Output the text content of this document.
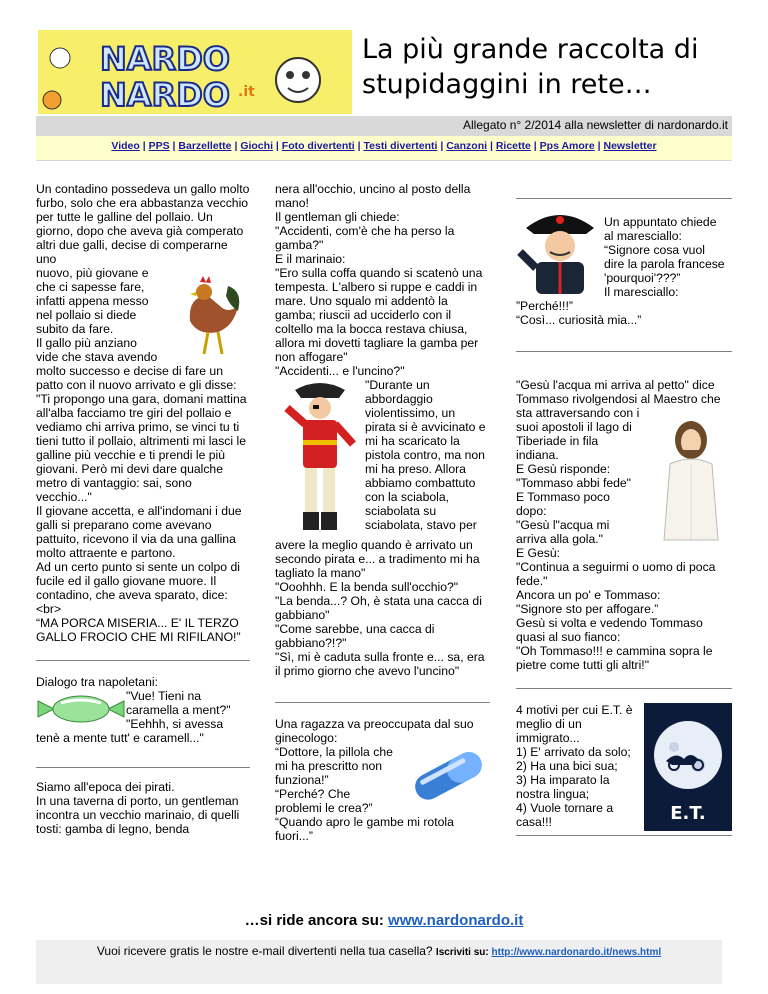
NARDO
NARDO .it
La più grande raccolta di stupidaggini in rete…
Allegato n° 2/2014 alla newsletter di nardonardo.it
Video | PPS | Barzellette | Giochi | Foto divertenti | Testi divertenti | Canzoni | Ricette | Pps Amore | Newsletter

Un contadino possedeva un gallo molto furbo, solo che era abbastanza vecchio per tutte le galline del pollaio. Un giorno, dopo che aveva già comperato altri due galli, decise di comperarne uno

nuovo, più giovane e
che ci sapesse fare,
infatti appena messo
nel pollaio si diede
subito da fare.
Il gallo più anziano

vide che stava avendo molto successo e decise di fare un patto con il nuovo arrivato e gli disse:
"Ti propongo una gara, domani mattina all'alba facciamo tre giri del pollaio e vediamo chi arriva primo, se vinci tu ti tieni tutto il pollaio, altrimenti mi lasci le galline più vecchie e ti prendi le più giovani. Però mi devi dare qualche metro di vantaggio: sai, sono vecchio..."
Il giovane accetta, e all'indomani i due galli si preparano come avevano pattuito, ricevono il via da una gallina molto attraente e partono.
Ad un certo punto si sente un colpo di fucile ed il gallo giovane muore. Il contadino, che aveva sparato, dice:<br>
“MA PORCA MISERIA... E' IL TERZO GALLO FROCIO CHE MI RIFILANO!”

Dialogo tra napoletani:

"Vue! Tieni na
caramella a ment?"
"Eehhh, si avessa

tenè a mente tutt' e caramell..."

Siamo all'epoca dei pirati.
In una taverna di porto, un gentleman incontra un vecchio marinaio, di quelli tosti: gamba di legno, benda

nera all'occhio, uncino al posto della mano!
Il gentleman gli chiede:
"Accidenti, com'è che ha perso la gamba?"
E il marinaio:
"Ero sulla coffa quando si scatenò una tempesta. L'albero si ruppe e caddi in mare. Uno squalo mi addentò la gamba; riuscii ad ucciderlo con il coltello ma la bocca restava chiusa, allora mi dovetti tagliare la gamba per non affogare"
"Accidenti... e l'uncino?"

"Durante un
abbordaggio
violentissimo, un
pirata si è avvicinato e
mi ha scaricato la
pistola contro, ma non
mi ha preso. Allora
abbiamo combattuto
con la sciabola,
sciabolata su
sciabolata, stavo per

avere la meglio quando è arrivato un secondo pirata e... a tradimento mi ha tagliato la mano"
"Ooohhh. E la benda sull'occhio?"
"La benda...? Oh, è stata una cacca di gabbiano"
"Come sarebbe, una cacca di gabbiano?!?"
"Sì, mi è caduta sulla fronte e... sa, era il primo giorno che avevo l'uncino"

Una ragazza va preoccupata dal suo ginecologo:

“Dottore, la pillola che
mi ha prescritto non
funziona!”
“Perché? Che
problemi le crea?”
“Quando apro le gambe mi rotola
fuori...”

Un appuntato chiede
al maresciallo:
“Signore cosa vuol
dire la parola francese
'pourquoi'???”
Il maresciallo:

”Perché!!!”
“Così... curiosità mia...”

"Gesù l'acqua mi arriva al petto" dice Tommaso rivolgendosi al Maestro che sta attraversando con i

suoi apostoli il lago di
Tiberiade in fila
indiana.
E Gesù risponde:
"Tommaso abbi fede"
E Tommaso poco
dopo:
"Gesù l"acqua mi
arriva alla gola."
E Gesù:

"Continua a seguirmi o uomo di poca fede."
Ancora un po' e Tommaso:
"Signore sto per affogare.”
Gesù si volta e vedendo Tommaso quasi al suo fianco:
"Oh Tommaso!!! e cammina sopra le pietre come tutti gli altri!"

E.T.

4 motivi per cui E.T. è
meglio di un
immigrato...
1) E' arrivato da solo;
2) Ha una bici sua;
3) Ha imparato la
nostra lingua;
4) Vuole tornare a
casa!!!

…si ride ancora su: www.nardonardo.it
Vuoi ricevere gratis le nostre e-mail divertenti nella tua casella? Iscriviti su: http://www.nardonardo.it/news.html
